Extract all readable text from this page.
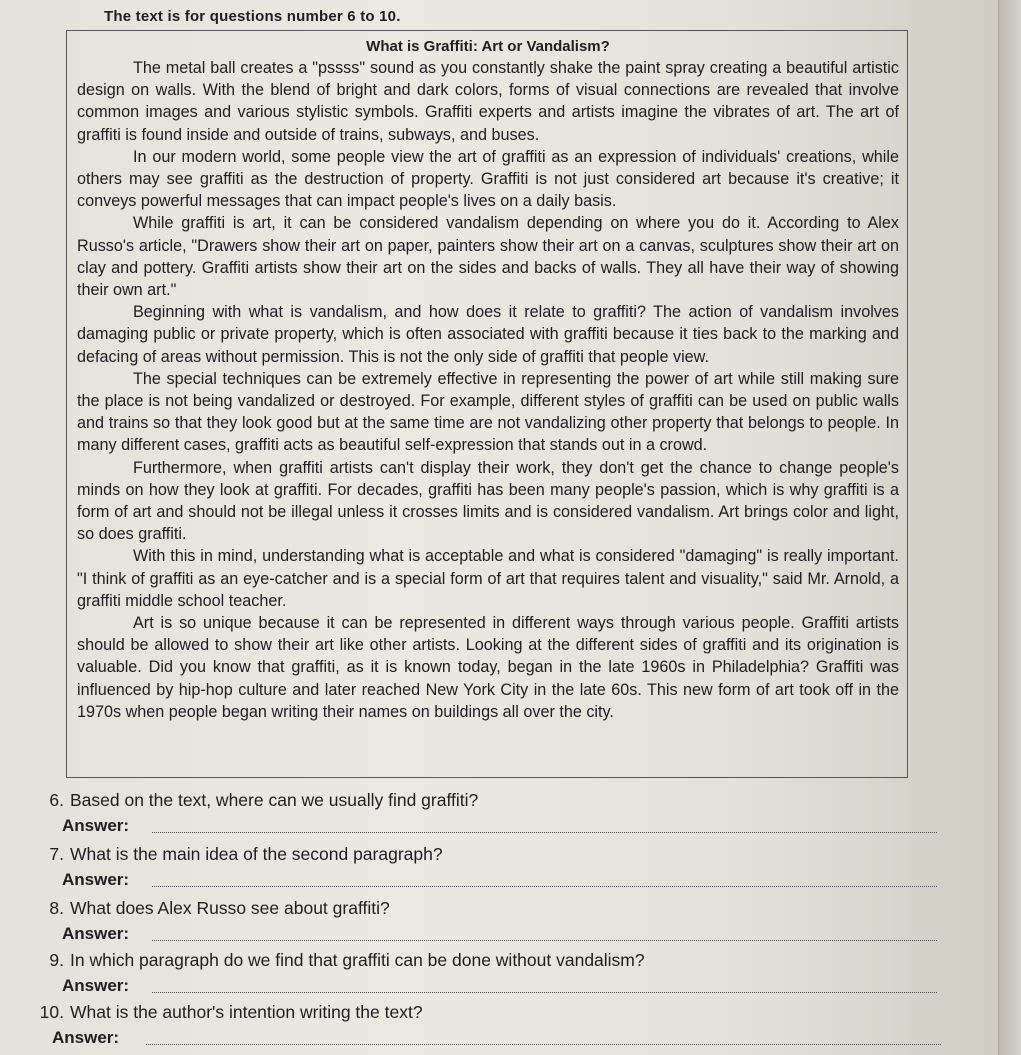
The text is for questions number 6 to 10.
What is Graffiti: Art or Vandalism?

The metal ball creates a "pssss" sound as you constantly shake the paint spray creating a beautiful artistic design on walls. With the blend of bright and dark colors, forms of visual connections are revealed that involve common images and various stylistic symbols. Graffiti experts and artists imagine the vibrates of art. The art of graffiti is found inside and outside of trains, subways, and buses.

In our modern world, some people view the art of graffiti as an expression of individuals' creations, while others may see graffiti as the destruction of property. Graffiti is not just considered art because it's creative; it conveys powerful messages that can impact people's lives on a daily basis.

While graffiti is art, it can be considered vandalism depending on where you do it. According to Alex Russo's article, "Drawers show their art on paper, painters show their art on a canvas, sculptures show their art on clay and pottery. Graffiti artists show their art on the sides and backs of walls. They all have their way of showing their own art."

Beginning with what is vandalism, and how does it relate to graffiti? The action of vandalism involves damaging public or private property, which is often associated with graffiti because it ties back to the marking and defacing of areas without permission. This is not the only side of graffiti that people view.

The special techniques can be extremely effective in representing the power of art while still making sure the place is not being vandalized or destroyed. For example, different styles of graffiti can be used on public walls and trains so that they look good but at the same time are not vandalizing other property that belongs to people. In many different cases, graffiti acts as beautiful self-expression that stands out in a crowd.

Furthermore, when graffiti artists can't display their work, they don't get the chance to change people's minds on how they look at graffiti. For decades, graffiti has been many people's passion, which is why graffiti is a form of art and should not be illegal unless it crosses limits and is considered vandalism. Art brings color and light, so does graffiti.

With this in mind, understanding what is acceptable and what is considered "damaging" is really important. "I think of graffiti as an eye-catcher and is a special form of art that requires talent and visuality," said Mr. Arnold, a graffiti middle school teacher.

Art is so unique because it can be represented in different ways through various people. Graffiti artists should be allowed to show their art like other artists. Looking at the different sides of graffiti and its origination is valuable. Did you know that graffiti, as it is known today, began in the late 1960s in Philadelphia? Graffiti was influenced by hip-hop culture and later reached New York City in the late 60s. This new form of art took off in the 1970s when people began writing their names on buildings all over the city.

6. Based on the text, where can we usually find graffiti?
Answer:
7. What is the main idea of the second paragraph?
Answer:
8. What does Alex Russo see about graffiti?
Answer:
9. In which paragraph do we find that graffiti can be done without vandalism?
Answer:
10. What is the author's intention writing the text?
Answer:
